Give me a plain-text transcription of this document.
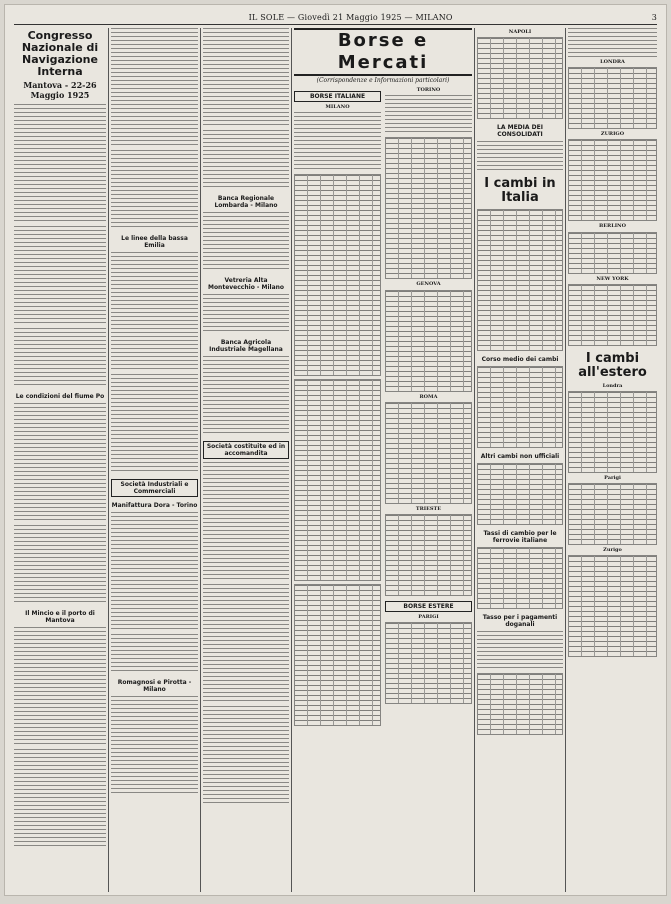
IL SOLE — Giovedì 21 Maggio 1925 — MILANO	3
Congresso Nazionale di Navigazione Interna
Mantova - 22-26 Maggio 1925
Le condizioni del fiume Po
Il Mincio e il porto di Mantova
Le linee della bassa Emilia
Società Industriali e Commerciali
Manifattura Dora - Torino
Romagnosi e Pirotta - Milano
Banca Regionale Lombarda - Milano
Vetreria Alta Montevecchio - Milano
Banca Agricola Industriale Magellana
Società costituite ed in accomandita
Borse e Mercati
(Corrispondenze e Informazioni particolari)
BORSE ITALIANE
MILANO
TORINO
GENOVA
ROMA
TRIESTE
BORSE ESTERE
PARIGI
NAPOLI
LA MEDIA DEI CONSOLIDATI
I cambi in Italia
Corso medio dei cambi
Altri cambi non ufficiali
Tassi di cambio per le ferrovie italiane
Tasso per i pagamenti doganali
LONDRA
ZURIGO
BERLINO
NEW YORK
I cambi all'estero
Londra
Parigi
Zurigo
